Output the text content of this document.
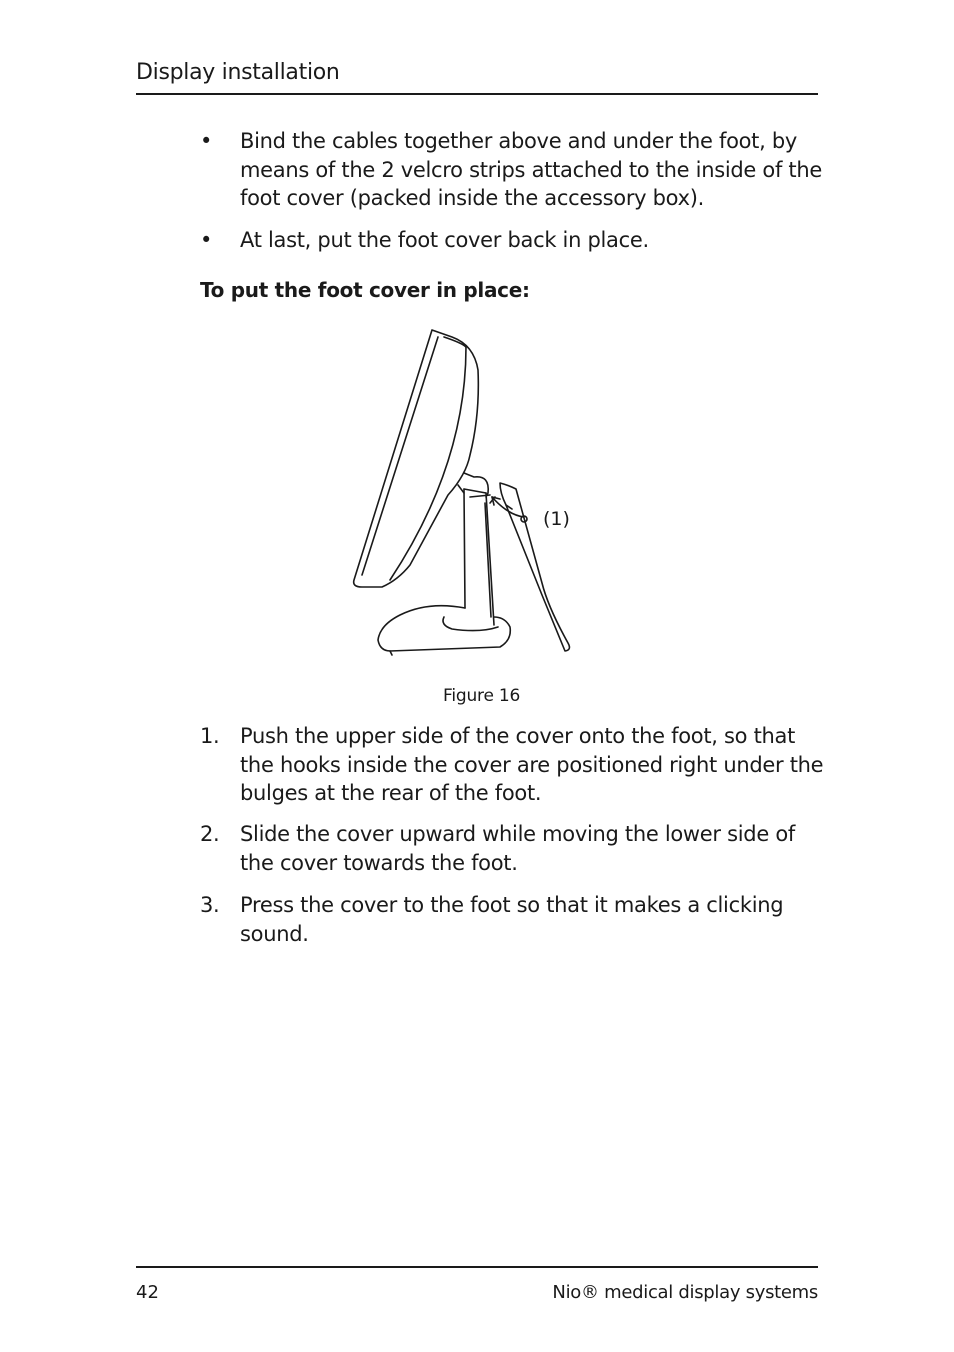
Display installation
• Bind the cables together above and under the foot, by means of the 2 velcro strips attached to the inside of the foot cover (packed inside the accessory box).
• At last, put the foot cover back in place.
To put the foot cover in place:
(1)
Figure 16
1. Push the upper side of the cover onto the foot, so that the hooks inside the cover are positioned right under the bulges at the rear of the foot.
2. Slide the cover upward while moving the lower side of the cover towards the foot.
3. Press the cover to the foot so that it makes a clicking sound.
42	Nio® medical display systems
